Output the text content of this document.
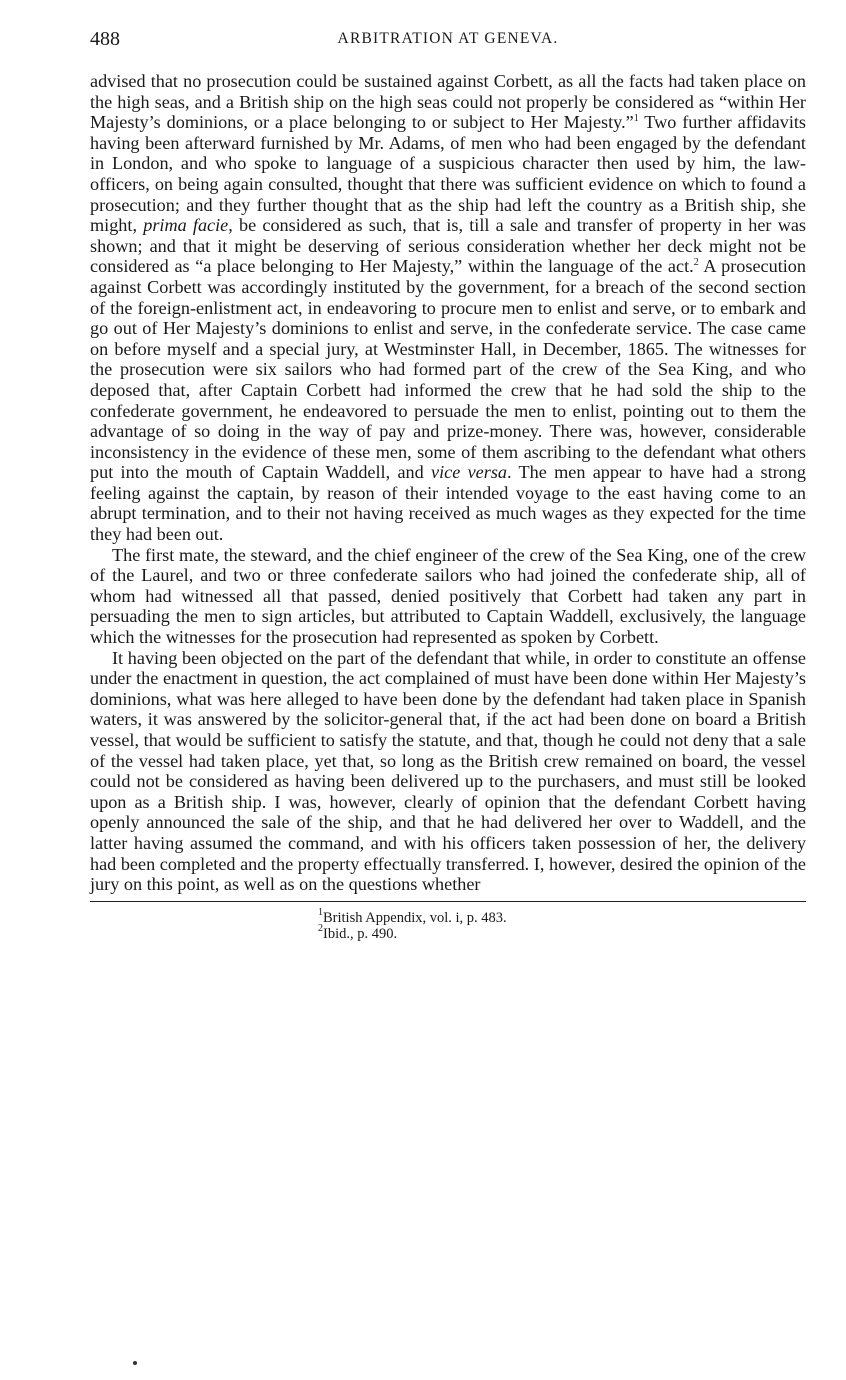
488	ARBITRATION AT GENEVA.

advised that no prosecution could be sustained against Corbett, as all the facts had taken place on the high seas, and a British ship on the high seas could not properly be considered as “within Her Majesty’s dominions, or a place belonging to or subject to Her Majesty.”$^1$ Two further affidavits having been afterward furnished by Mr. Adams, of men who had been engaged by the defendant in London, and who spoke to language of a suspicious character then used by him, the law-officers, on being again consulted, thought that there was sufficient evidence on which to found a prosecution; and they further thought that as the ship had left the country as a British ship, she might, prima facie, be considered as such, that is, till a sale and transfer of property in her was shown; and that it might be deserving of serious consideration whether her deck might not be considered as “a place belonging to Her Majesty,” within the language of the act.$^2$ A prosecution against Corbett was accordingly instituted by the government, for a breach of the second section of the foreign-enlistment act, in endeavoring to procure men to enlist and serve, or to embark and go out of Her Majesty’s dominions to enlist and serve, in the confederate service. The case came on before myself and a special jury, at Westminster Hall, in December, 1865. The witnesses for the prosecution were six sailors who had formed part of the crew of the Sea King, and who deposed that, after Captain Corbett had informed the crew that he had sold the ship to the confederate government, he endeavored to persuade the men to enlist, pointing out to them the advantage of so doing in the way of pay and prize-money. There was, however, considerable inconsistency in the evidence of these men, some of them ascribing to the defendant what others put into the mouth of Captain Waddell, and vice versa. The men appear to have had a strong feeling against the captain, by reason of their intended voyage to the east having come to an abrupt termination, and to their not having received as much wages as they expected for the time they had been out.

The first mate, the steward, and the chief engineer of the crew of the Sea King, one of the crew of the Laurel, and two or three confederate sailors who had joined the confederate ship, all of whom had witnessed all that passed, denied positively that Corbett had taken any part in persuading the men to sign articles, but attributed to Captain Waddell, exclusively, the language which the witnesses for the prosecution had represented as spoken by Corbett.

It having been objected on the part of the defendant that while, in order to constitute an offense under the enactment in question, the act complained of must have been done within Her Majesty’s dominions, what was here alleged to have been done by the defendant had taken place in Spanish waters, it was answered by the solicitor-general that, if the act had been done on board a British vessel, that would be sufficient to satisfy the statute, and that, though he could not deny that a sale of the vessel had taken place, yet that, so long as the British crew remained on board, the vessel could not be considered as having been delivered up to the purchasers, and must still be looked upon as a British ship. I was, however, clearly of opinion that the defendant Corbett having openly announced the sale of the ship, and that he had delivered her over to Waddell, and the latter having assumed the command, and with his officers taken possession of her, the delivery had been completed and the property effectually transferred. I, however, desired the opinion of the jury on this point, as well as on the questions whether

$^1$British Appendix, vol. i, p. 483.
$^2$Ibid., p. 490.
